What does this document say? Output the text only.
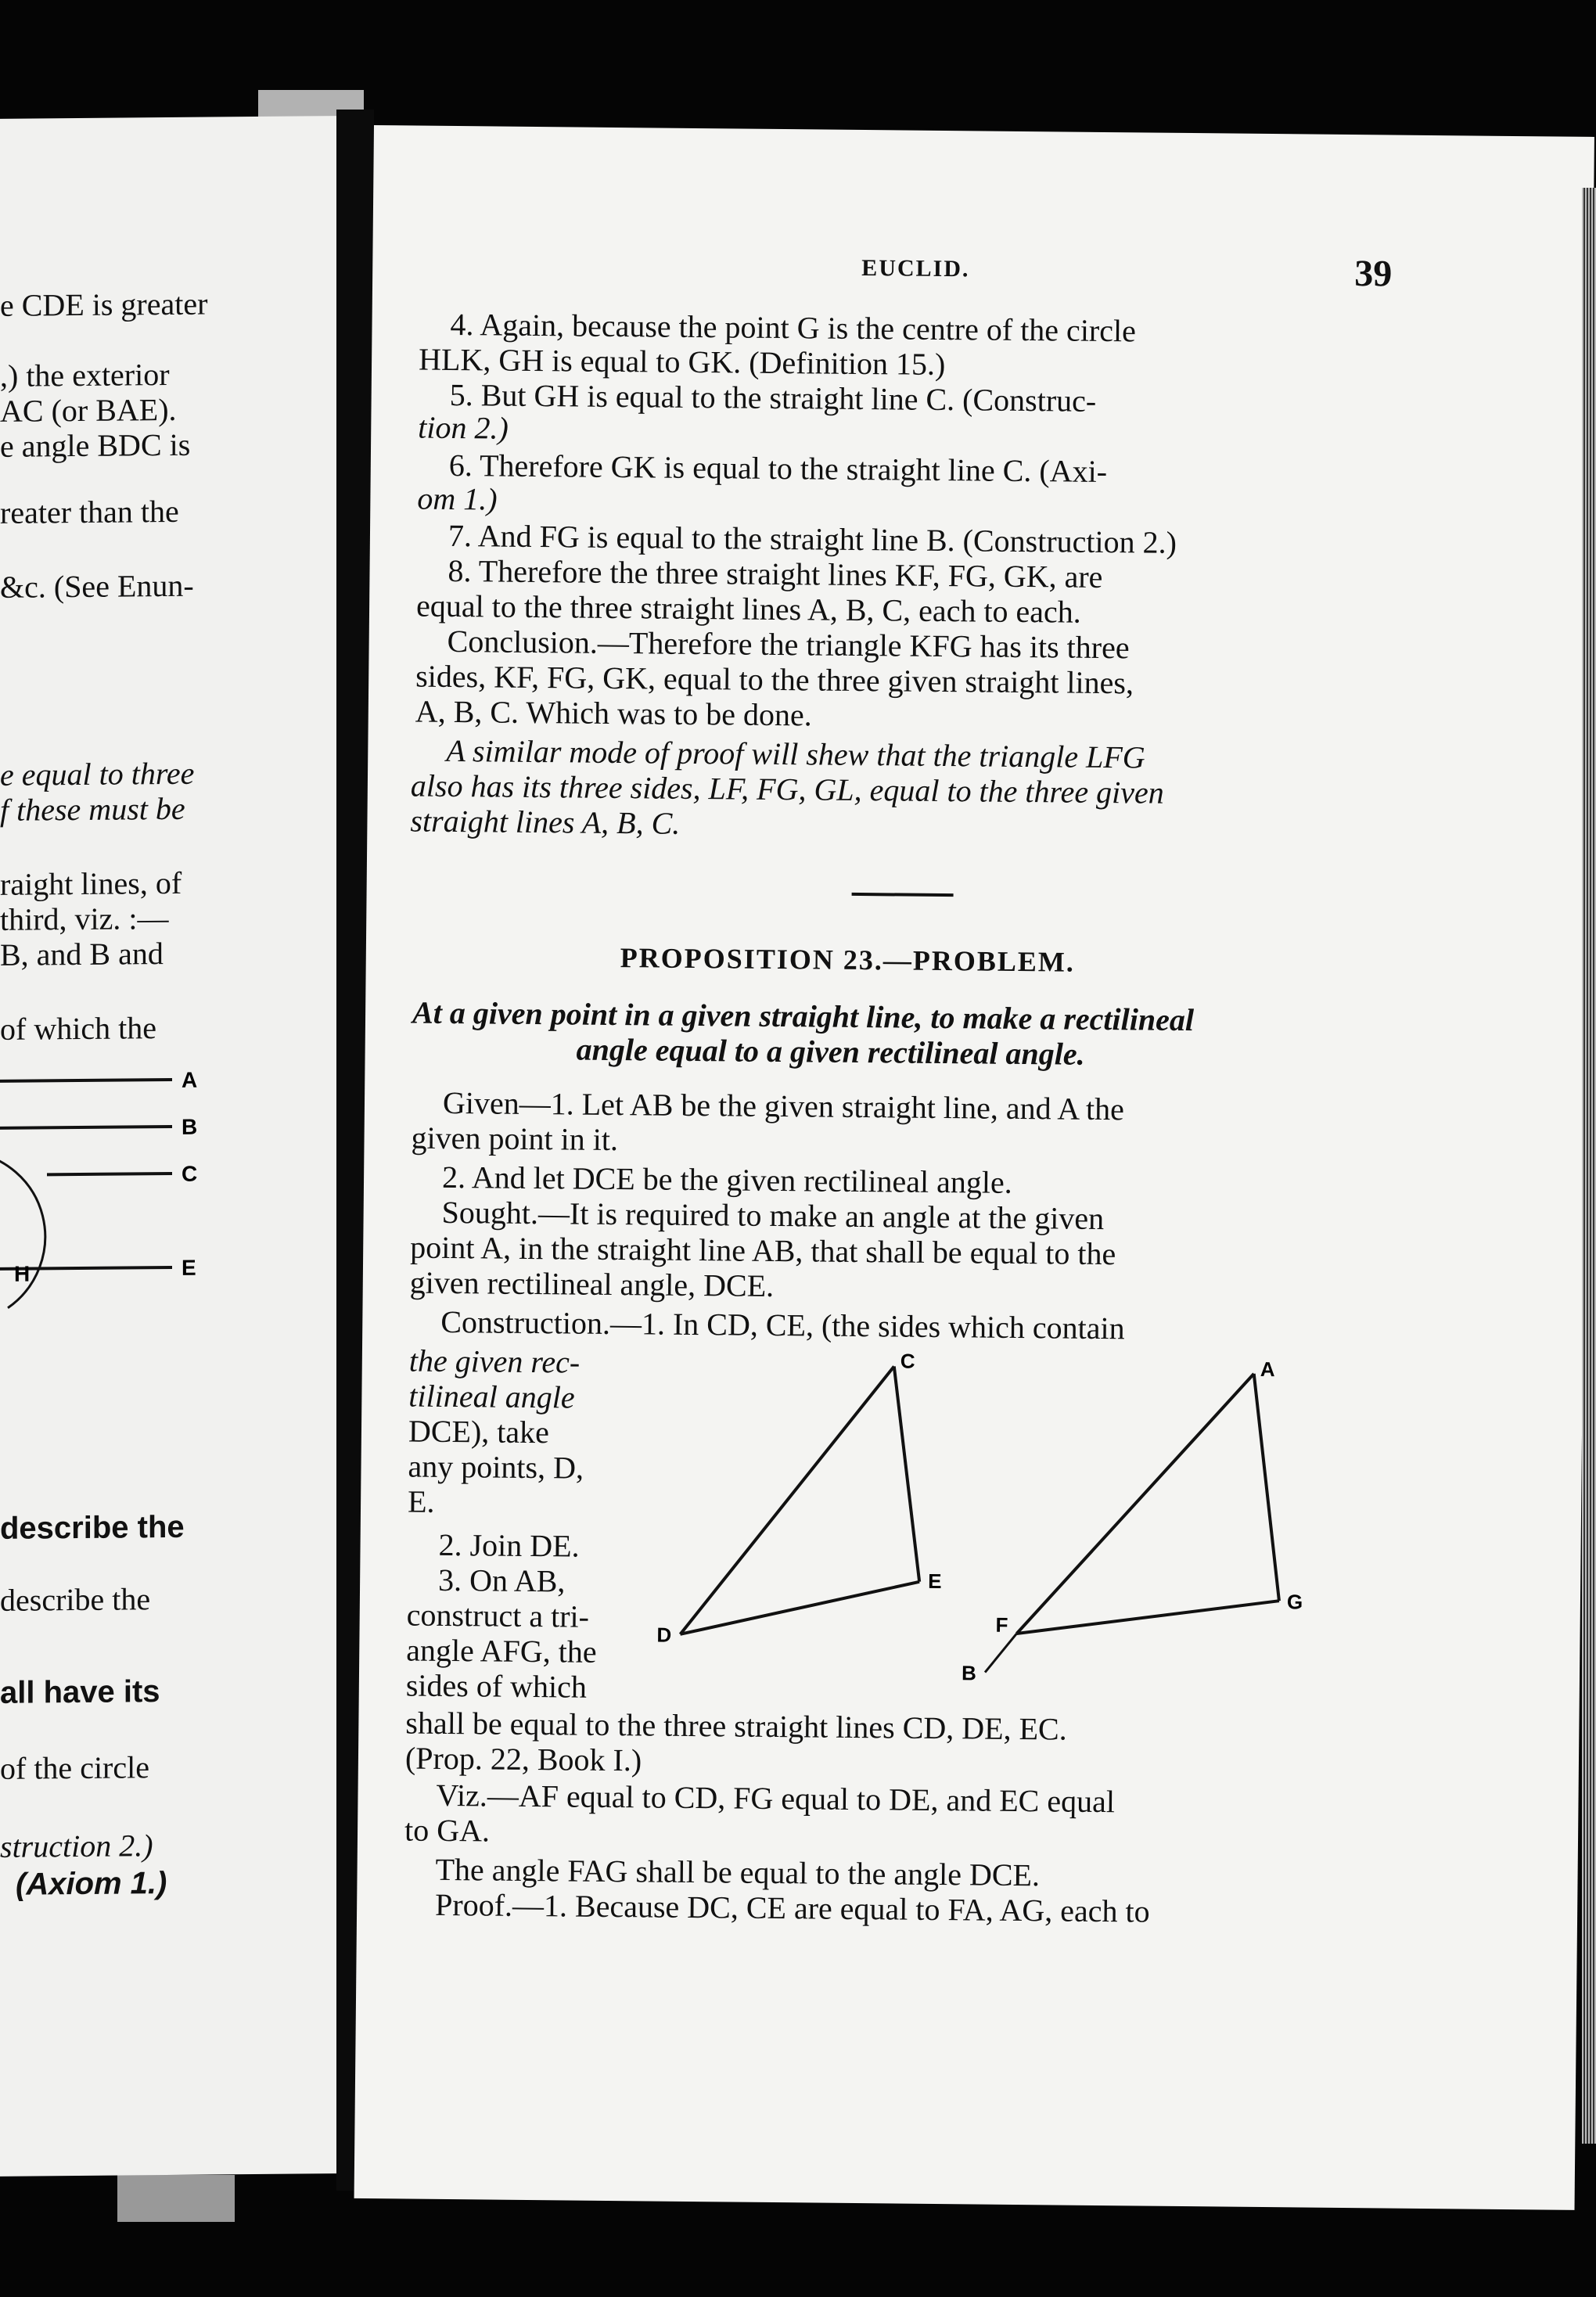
e CDE is greater
,) the exterior
AC (or BAE).
e angle BDC is
reater than the
&c. (See Enun-
e equal to three
f these must be
raight lines, of
third, viz. :—
B, and B and
of which the
A
B
C
H	E
describe the
describe the
all have its
of the circle
struction 2.)
(Axiom 1.)
EUCLID.	39
4. Again, because the point G is the centre of the circle
HLK, GH is equal to GK. (Definition 15.)
5. But GH is equal to the straight line C. (Construc-
tion 2.)
6. Therefore GK is equal to the straight line C. (Axi-
om 1.)
7. And FG is equal to the straight line B. (Construction 2.)
8. Therefore the three straight lines KF, FG, GK, are
equal to the three straight lines A, B, C, each to each.
Conclusion.—Therefore the triangle KFG has its three
sides, KF, FG, GK, equal to the three given straight lines,
A, B, C. Which was to be done.
A similar mode of proof will shew that the triangle LFG
also has its three sides, LF, FG, GL, equal to the three given
straight lines A, B, C.
PROPOSITION 23.—PROBLEM.
At a given point in a given straight line, to make a rectilineal
angle equal to a given rectilineal angle.
Given—1. Let AB be the given straight line, and A the
given point in it.
2. And let DCE be the given rectilineal angle.
Sought.—It is required to make an angle at the given
point A, in the straight line AB, that shall be equal to the
given rectilineal angle, DCE.
Construction.—1. In CD, CE, (the sides which contain
the given rec-
tilineal angle
DCE), take
any points, D,
E.
2. Join DE.
3. On AB,
construct a tri-
angle AFG, the
sides of which
C
D
E
A
F
G
B
shall be equal to the three straight lines CD, DE, EC.
(Prop. 22, Book I.)
Viz.—AF equal to CD, FG equal to DE, and EC equal
to GA.
The angle FAG shall be equal to the angle DCE.
Proof.—1. Because DC, CE are equal to FA, AG, each to
